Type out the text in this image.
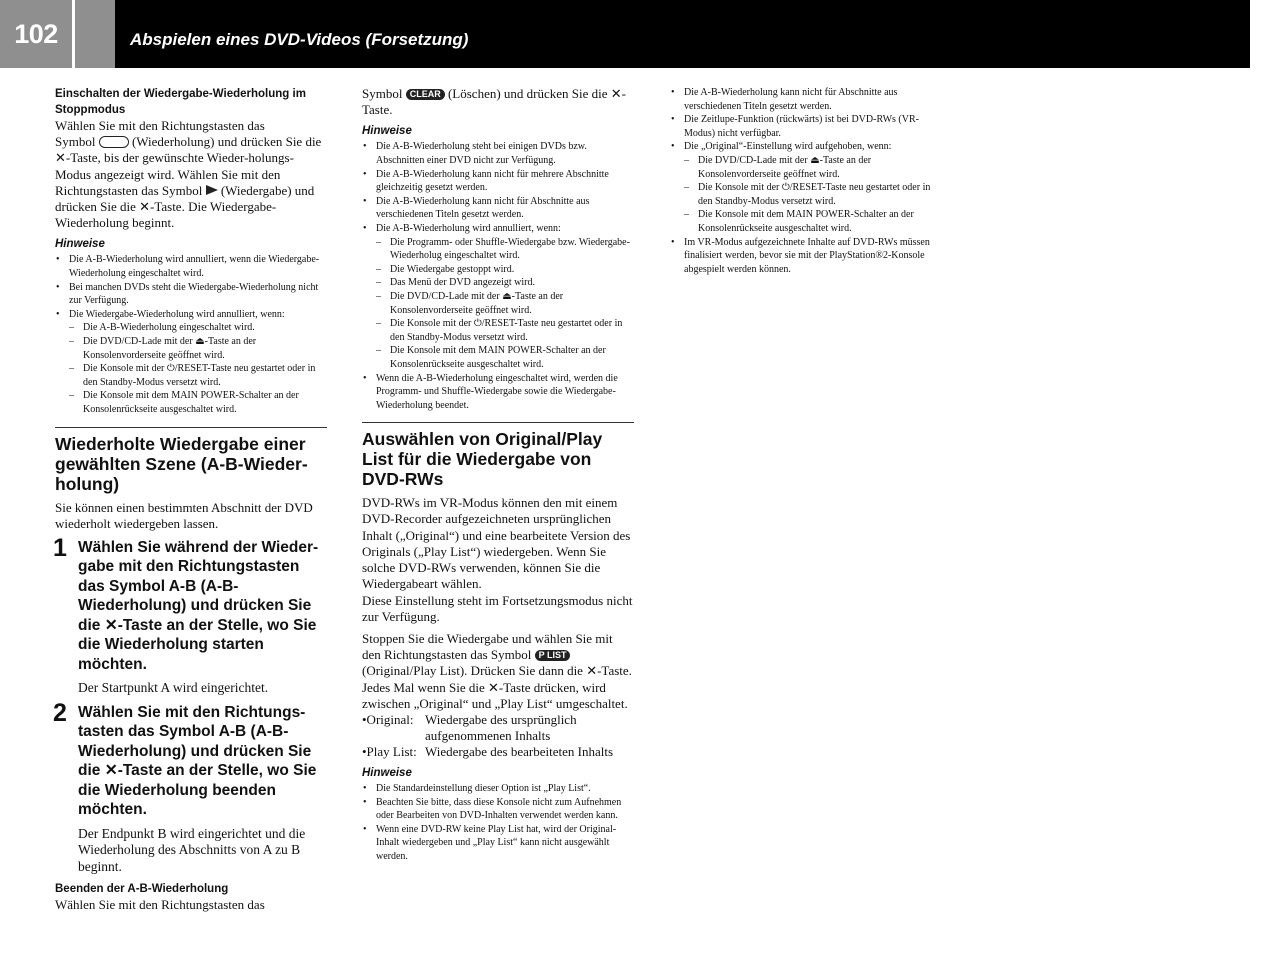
102	Abspielen eines DVD-Videos (Forsetzung)

Einschalten der Wiedergabe-Wiederholung im Stoppmodus

Wählen Sie mit den Richtungstasten das

Symbol	(Wiederholung) und drücken Sie die ✕-Taste, bis der gewünschte Wieder-holungs-Modus angezeigt wird. Wählen Sie mit den Richtungstasten das Symbol (Wiedergabe) und drücken Sie die ✕-Taste. Die Wiedergabe-Wiederholung beginnt.

Hinweise

• Die A-B-Wiederholung wird annulliert, wenn die Wiedergabe-Wiederholung eingeschaltet wird.
• Bei manchen DVDs steht die Wiedergabe-Wiederholung nicht zur Verfügung.
• Die Wiedergabe-Wiederholung wird annulliert, wenn:
– Die A-B-Wiederholung eingeschaltet wird.
– Die DVD/CD-Lade mit der ⏏-Taste an der Konsolenvorderseite geöffnet wird.
– Die Konsole mit der ⏻/RESET-Taste neu gestartet oder in den Standby-Modus versetzt wird.
– Die Konsole mit dem MAIN POWER-Schalter an der Konsolenrückseite ausgeschaltet wird.

Wiederholte Wiedergabe einer gewählten Szene (A-B-Wieder-holung)

Sie können einen bestimmten Abschnitt der DVD wiederholt wiedergeben lassen.

1 Wählen Sie während der Wieder-gabe mit den Richtungstasten das Symbol A-B (A-B-Wiederholung) und drücken Sie die ✕-Taste an der Stelle, wo Sie die Wiederholung starten möchten.

Der Startpunkt A wird eingerichtet.

2 Wählen Sie mit den Richtungs-tasten das Symbol A-B (A-B-Wiederholung) und drücken Sie die ✕-Taste an der Stelle, wo Sie die Wiederholung beenden möchten.

Der Endpunkt B wird eingerichtet und die Wiederholung des Abschnitts von A zu B beginnt.

Beenden der A-B-Wiederholung

Wählen Sie mit den Richtungstasten das

Symbol CLEAR (Löschen) und drücken Sie die ✕-Taste.

Hinweise

• Die A-B-Wiederholung steht bei einigen DVDs bzw. Abschnitten einer DVD nicht zur Verfügung.
• Die A-B-Wiederholung kann nicht für mehrere Abschnitte gleichzeitig gesetzt werden.
• Die A-B-Wiederholung kann nicht für Abschnitte aus verschiedenen Titeln gesetzt werden.
• Die A-B-Wiederholung wird annulliert, wenn:
– Die Programm- oder Shuffle-Wiedergabe bzw. Wiedergabe-Wiederholug eingeschaltet wird.
– Die Wiedergabe gestoppt wird.
– Das Menü der DVD angezeigt wird.
– Die DVD/CD-Lade mit der ⏏-Taste an der Konsolenvorderseite geöffnet wird.
– Die Konsole mit der ⏻/RESET-Taste neu gestartet oder in den Standby-Modus versetzt wird.
– Die Konsole mit dem MAIN POWER-Schalter an der Konsolenrückseite ausgeschaltet wird.
• Wenn die A-B-Wiederholung eingeschaltet wird, werden die Programm- und Shuffle-Wiedergabe sowie die Wiedergabe-Wiederholung beendet.

Auswählen von Original/Play List für die Wiedergabe von DVD-RWs

DVD-RWs im VR-Modus können den mit einem DVD-Recorder aufgezeichneten ursprünglichen Inhalt („Original“) und eine bearbeitete Version des Originals („Play List“) wiedergeben. Wenn Sie solche DVD-RWs verwenden, können Sie die Wiedergabeart wählen.

Diese Einstellung steht im Fortsetzungsmodus nicht zur Verfügung.

Stoppen Sie die Wiedergabe und wählen Sie mit den Richtungstasten das Symbol P LIST (Original/Play List). Drücken Sie dann die ✕-Taste.

Jedes Mal wenn Sie die ✕-Taste drücken, wird zwischen „Original“ und „Play List“ umgeschaltet.

•Original: Wiedergabe des ursprünglich aufgenommenen Inhalts
•Play List: Wiedergabe des bearbeiteten Inhalts

Hinweise

• Die Standardeinstellung dieser Option ist „Play List“.
• Beachten Sie bitte, dass diese Konsole nicht zum Aufnehmen oder Bearbeiten von DVD-Inhalten verwendet werden kann.
• Wenn eine DVD-RW keine Play List hat, wird der Original-Inhalt wiedergeben und „Play List“ kann nicht ausgewählt werden.
• Die A-B-Wiederholung kann nicht für Abschnitte aus verschiedenen Titeln gesetzt werden.
• Die Zeitlupe-Funktion (rückwärts) ist bei DVD-RWs (VR-Modus) nicht verfügbar.
• Die „Original“-Einstellung wird aufgehoben, wenn:
– Die DVD/CD-Lade mit der ⏏-Taste an der Konsolenvorderseite geöffnet wird.
– Die Konsole mit der ⏻/RESET-Taste neu gestartet oder in den Standby-Modus versetzt wird.
– Die Konsole mit dem MAIN POWER-Schalter an der Konsolenrückseite ausgeschaltet wird.
• Im VR-Modus aufgezeichnete Inhalte auf DVD-RWs müssen finalisiert werden, bevor sie mit der PlayStation®2-Konsole abgespielt werden können.
